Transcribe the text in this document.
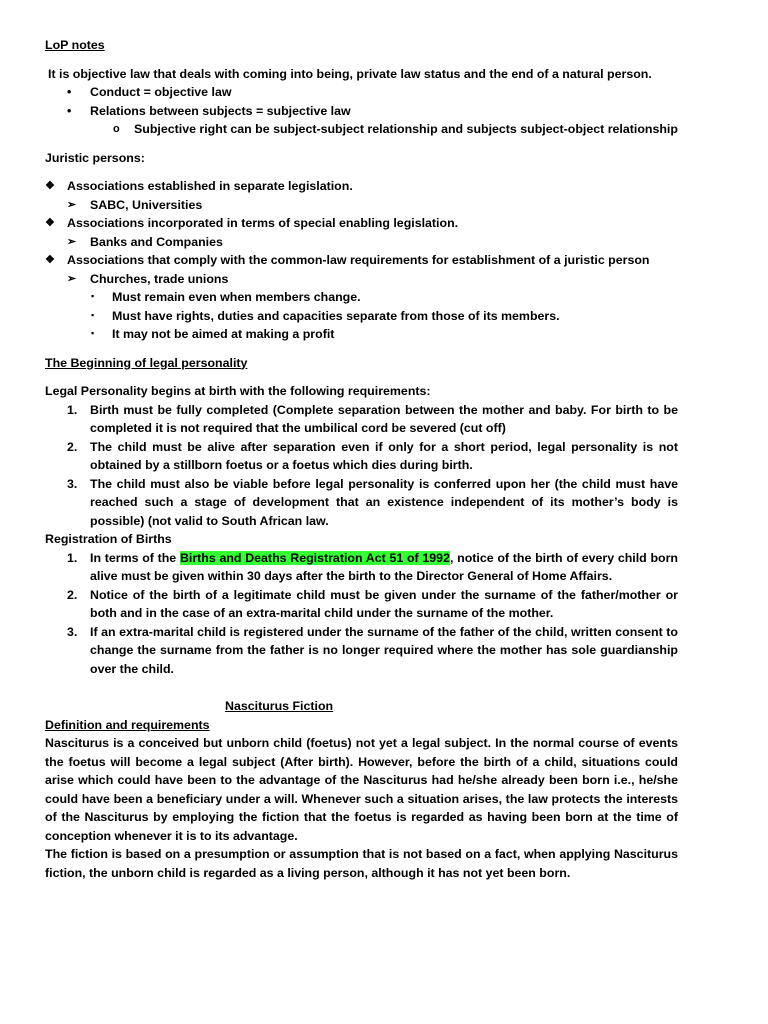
LoP notes

It is objective law that deals with coming into being, private law status and the end of a natural person.

• Conduct = objective law
• Relations between subjects = subjective law
o Subjective right can be subject-subject relationship and subjects subject-object relationship

Juristic persons:

❖ Associations established in separate legislation.
➢ SABC, Universities
❖ Associations incorporated in terms of special enabling legislation.
➢ Banks and Companies
❖ Associations that comply with the common-law requirements for establishment of a juristic person
➢ Churches, trade unions
▪ Must remain even when members change.
▪ Must have rights, duties and capacities separate from those of its members.
▪ It may not be aimed at making a profit

The Beginning of legal personality

Legal Personality begins at birth with the following requirements:

1. Birth must be fully completed (Complete separation between the mother and baby. For birth to be completed it is not required that the umbilical cord be severed (cut off)
2. The child must be alive after separation even if only for a short period, legal personality is not obtained by a stillborn foetus or a foetus which dies during birth.
3. The child must also be viable before legal personality is conferred upon her (the child must have reached such a stage of development that an existence independent of its mother’s body is possible) (not valid to South African law.

Registration of Births

1. In terms of the Births and Deaths Registration Act 51 of 1992, notice of the birth of every child born alive must be given within 30 days after the birth to the Director General of Home Affairs.
2. Notice of the birth of a legitimate child must be given under the surname of the father/mother or both and in the case of an extra-marital child under the surname of the mother.
3. If an extra-marital child is registered under the surname of the father of the child, written consent to change the surname from the father is no longer required where the mother has sole guardianship over the child.

Nasciturus Fiction

Definition and requirements

Nasciturus is a conceived but unborn child (foetus) not yet a legal subject. In the normal course of events the foetus will become a legal subject (After birth). However, before the birth of a child, situations could arise which could have been to the advantage of the Nasciturus had he/she already been born i.e., he/she could have been a beneficiary under a will. Whenever such a situation arises, the law protects the interests of the Nasciturus by employing the fiction that the foetus is regarded as having been born at the time of conception whenever it is to its advantage.

The fiction is based on a presumption or assumption that is not based on a fact, when applying Nasciturus fiction, the unborn child is regarded as a living person, although it has not yet been born.
